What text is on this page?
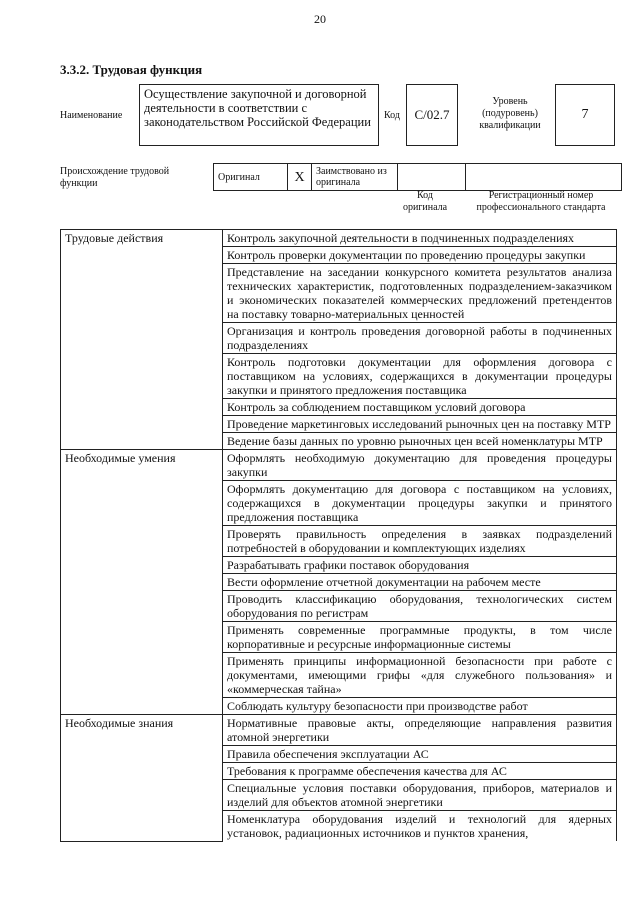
20
3.3.2. Трудовая функция
Наименование
Осуществление закупочной и договорной деятельности в соответствии с законодательством Российской Федерации	Код	C/02.7
Уровень (подуровень) квалификации
7
Происхождение трудовой функции
Оригинал	X	Заимствовано из оригинала		
Код оригинала
Регистрационный номер профессионального стандарта
Трудовые действия	Контроль закупочной деятельности в подчиненных подразделениях
	Контроль проверки документации по проведению процедуры закупки
	Представление на заседании конкурсного комитета результатов анализа технических характеристик, подготовленных подразделением-заказчиком и экономических показателей коммерческих предложений претендентов на поставку товарно-материальных ценностей
	Организация и контроль проведения договорной работы в подчиненных подразделениях
	Контроль подготовки документации для оформления договора с поставщиком на условиях, содержащихся в документации процедуры закупки и принятого предложения поставщика
	Контроль за соблюдением поставщиком условий договора
	Проведение маркетинговых исследований рыночных цен на поставку МТР
	Ведение базы данных по уровню рыночных цен всей номенклатуры МТР
Необходимые умения	Оформлять необходимую документацию для проведения процедуры закупки
	Оформлять документацию для договора с поставщиком на условиях, содержащихся в документации процедуры закупки и принятого предложения поставщика
	Проверять правильность определения в заявках подразделений потребностей в оборудовании и комплектующих изделиях
	Разрабатывать графики поставок оборудования
	Вести оформление отчетной документации на рабочем месте
	Проводить классификацию оборудования, технологических систем оборудования по регистрам
	Применять современные программные продукты, в том числе корпоративные и ресурсные информационные системы
	Применять принципы информационной безопасности при работе с документами, имеющими грифы «для служебного пользования» и «коммерческая тайна»
	Соблюдать культуру безопасности при производстве работ
Необходимые знания	Нормативные правовые акты, определяющие направления развития атомной энергетики
	Правила обеспечения эксплуатации АС
	Требования к программе обеспечения качества для АС
	Специальные условия поставки оборудования, приборов, материалов и изделий для объектов атомной энергетики
	Номенклатура оборудования изделий и технологий для ядерных установок, радиационных источников и пунктов хранения,
